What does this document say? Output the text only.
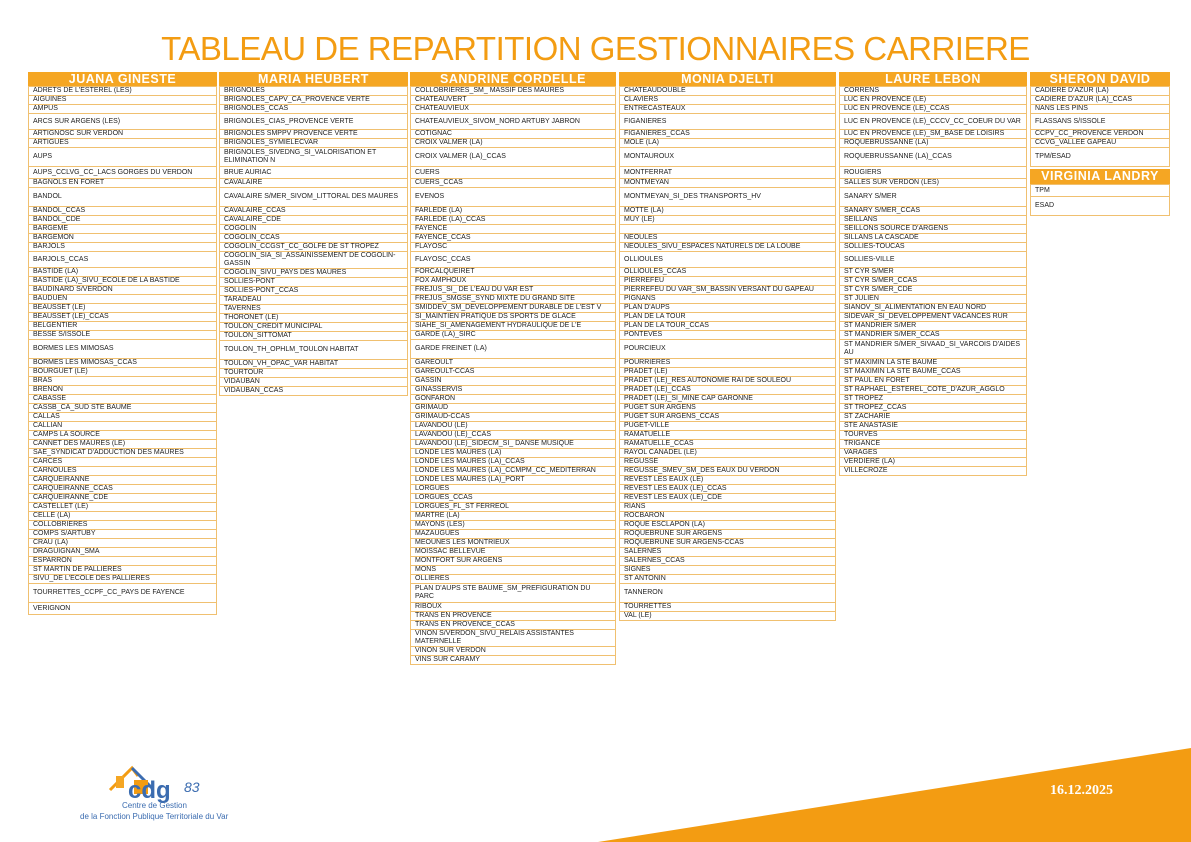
TABLEAU DE REPARTITION GESTIONNAIRES CARRIERE
JUANA GINESTE
ADRETS DE L'ESTEREL (LES)
AIGUINES
AMPUS
ARCS SUR ARGENS (LES)
ARTIGNOSC SUR VERDON
ARTIGUES
AUPS
AUPS_CCLVG_CC_LACS GORGES DU VERDON
BAGNOLS EN FORET
BANDOL
BANDOL_CCAS
BANDOL_CDE
BARGEME
BARGEMON
BARJOLS
BARJOLS_CCAS
BASTIDE (LA)
BASTIDE (LA)_SIVU_ECOLE DE LA BASTIDE
BAUDINARD S/VERDON
BAUDUEN
BEAUSSET (LE)
BEAUSSET (LE)_CCAS
BELGENTIER
BESSE S/ISSOLE
BORMES LES MIMOSAS
BORMES LES MIMOSAS_CCAS
BOURGUET (LE)
BRAS
BRENON
CABASSE
CASSB_CA_SUD STE BAUME
CALLAS
CALLIAN
CAMPS LA SOURCE
CANNET DES MAURES (LE)
SAE_SYNDICAT D'ADDUCTION DES MAURES
CARCES
CARNOULES
CARQUEIRANNE
CARQUEIRANNE_CCAS
CARQUEIRANNE_CDE
CASTELLET (LE)
CELLE (LA)
COLLOBRIERES
COMPS S/ARTUBY
CRAU (LA)
DRAGUIGNAN_SMA
ESPARRON
ST MARTIN DE PALLIERES
SIVU_DE L'ECOLE DES PALLIERES
TOURRETTES_CCPF_CC_PAYS DE FAYENCE
VERIGNON
MARIA HEUBERT
BRIGNOLES
BRIGNOLES_CAPV_CA_PROVENCE VERTE
BRIGNOLES_CCAS
BRIGNOLES_CIAS_PROVENCE VERTE
BRIGNOLES SMPPV PROVENCE VERTE
BRIGNOLES_SYMIELECVAR
BRIGNOLES_SIVEDNG_SI_VALORISATION ET ELIMINATION N
BRUE AURIAC
CAVALAIRE
CAVALAIRE S/MER_SIVOM_LITTORAL DES MAURES
CAVALAIRE_CCAS
CAVALAIRE_CDE
COGOLIN
COGOLIN_CCAS
COGOLIN_CCGST_CC_GOLFE DE ST TROPEZ
COGOLIN_SIA_SI_ASSAINISSEMENT DE COGOLIN-GASSIN
COGOLIN_SIVU_PAYS DES MAURES
SOLLIES-PONT
SOLLIES-PONT_CCAS
TARADEAU
TAVERNES
THORONET (LE)
TOULON_CREDIT MUNICIPAL
TOULON_SITTOMAT
TOULON_TH_OPHLM_TOULON HABITAT
TOULON_VH_OPAC_VAR HABITAT
TOURTOUR
VIDAUBAN
VIDAUBAN_CCAS
SANDRINE CORDELLE
COLLOBRIERES_SM_ MASSIF DES MAURES
CHATEAUVERT
CHATEAUVIEUX
CHATEAUVIEUX_SIVOM_NORD ARTUBY JABRON
COTIGNAC
CROIX VALMER (LA)
CROIX VALMER (LA)_CCAS
CUERS
CUERS_CCAS
EVENOS
FARLEDE (LA)
FARLEDE (LA)_CCAS
FAYENCE
FAYENCE_CCAS
FLAYOSC
FLAYOSC_CCAS
FORCALQUEIRET
FOX AMPHOUX
FREJUS_SI_ DE L'EAU DU VAR EST
FREJUS_SMGSE_SYND MIXTE DU GRAND SITE
SMIDDEV_SM_DEVELOPPEMENT DURABLE DE L'EST V
SI_MAINTIEN PRATIQUE DS SPORTS DE GLACE
SIAHE_SI_AMENAGEMENT HYDRAULIQUE DE L'E
GARDE (LA)_SIRC
GARDE FREINET (LA)
GAREOULT
GAREOULT-CCAS
GASSIN
GINASSERVIS
GONFARON
GRIMAUD
GRIMAUD-CCAS
LAVANDOU (LE)
LAVANDOU (LE)_CCAS
LAVANDOU (LE)_SIDECM_SI_ DANSE MUSIQUE
LONDE LES MAURES (LA)
LONDE LES MAURES (LA)_CCAS
LONDE LES MAURES (LA)_CCMPM_CC_MEDITERRAN
LONDE LES MAURES (LA)_PORT
LORGUES
LORGUES_CCAS
LORGUES_FL_ST FERREOL
MARTRE (LA)
MAYONS (LES)
MAZAUGUES
MEOUNES LES MONTRIEUX
MOISSAC BELLEVUE
MONTFORT SUR ARGENS
MONS
OLLIERES
PLAN D'AUPS STE BAUME_SM_PREFIGURATION DU PARC
RIBOUX
TRANS EN PROVENCE
TRANS EN PROVENCE_CCAS
VINON S/VERDON_SIVU_RELAIS ASSISTANTES MATERNELLE
VINON SUR VERDON
VINS SUR CARAMY
MONIA DJELTI
CHATEAUDOUBLE
CLAVIERS
ENTRECASTEAUX
FIGANIERES
FIGANIERES_CCAS
MOLE (LA)
MONTAUROUX
MONTFERRAT
MONTMEYAN
MONTMEYAN_SI_DES TRANSPORTS_HV
MOTTE (LA)
MUY (LE)

NEOULES
NEOULES_SIVU_ESPACES NATURELS DE LA LOUBE
OLLIOULES
OLLIOULES_CCAS
PIERREFEU
PIERREFEU DU VAR_SM_BASSIN VERSANT DU GAPEAU
PIGNANS
PLAN D'AUPS
PLAN DE LA TOUR
PLAN DE LA TOUR_CCAS
PONTEVES
POURCIEUX
POURRIERES
PRADET (LE)
PRADET (LE)_RES AUTONOMIE RAI DE SOULEOU
PRADET (LE)_CCAS
PRADET (LE)_SI_MINE CAP GARONNE
PUGET SUR ARGENS
PUGET SUR ARGENS_CCAS
PUGET-VILLE
RAMATUELLE
RAMATUELLE_CCAS
RAYOL CANADEL (LE)
REGUSSE
REGUSSE_SMEV_SM_DES EAUX DU VERDON
REVEST LES EAUX (LE)
REVEST LES EAUX (LE)_CCAS
REVEST LES EAUX (LE)_CDE
RIANS
ROCBARON
ROQUE ESCLAPON (LA)
ROQUEBRUNE SUR ARGENS
ROQUEBRUNE SUR ARGENS-CCAS
SALERNES
SALERNES_CCAS
SIGNES
ST ANTONIN
TANNERON
TOURRETTES
VAL (LE)
LAURE LEBON
CORRENS
LUC EN PROVENCE (LE)
LUC EN PROVENCE (LE)_CCAS
LUC EN PROVENCE (LE)_CCCV_CC_COEUR DU VAR
LUC EN PROVENCE (LE)_SM_BASE DE LOISIRS
ROQUEBRUSSANNE (LA)
ROQUEBRUSSANNE (LA)_CCAS
ROUGIERS
SALLES SUR VERDON (LES)
SANARY S/MER
SANARY S/MER_CCAS
SEILLANS
SEILLONS SOURCE D'ARGENS
SILLANS LA CASCADE
SOLLIES-TOUCAS
SOLLIES-VILLE
ST CYR S/MER
ST CYR S/MER_CCAS
ST CYR S/MER_CDE
ST JULIEN
SIANOV_SI_ALIMENTATION EN EAU NORD
SIDEVAR_SI_DEVELOPPEMENT VACANCES RUR
ST MANDRIER S/MER
ST MANDRIER S/MER_CCAS
ST MANDRIER S/MER_SIVAAD_SI_VARCOIS D'AIDES AU
ST MAXIMIN LA STE BAUME
ST MAXIMIN LA STE BAUME_CCAS
ST PAUL EN FORET
ST RAPHAEL_ESTEREL_COTE_D'AZUR_AGGLO
ST TROPEZ
ST TROPEZ_CCAS
ST ZACHARIE
STE ANASTASIE
TOURVES
TRIGANCE
VARAGES
VERDIERE (LA)
VILLECROZE
SHERON DAVID
CADIERE D'AZUR (LA)
CADIERE D'AZUR (LA)_CCAS
NANS LES PINS
FLASSANS S/ISSOLE
CCPV_CC_PROVENCE VERDON
CCVG_VALLEE GAPEAU
TPM/ESAD
VIRGINIA LANDRY
TPM
ESAD
cdg 83
Centre de Gestion
de la Fonction Publique Territoriale du Var
16.12.2025
